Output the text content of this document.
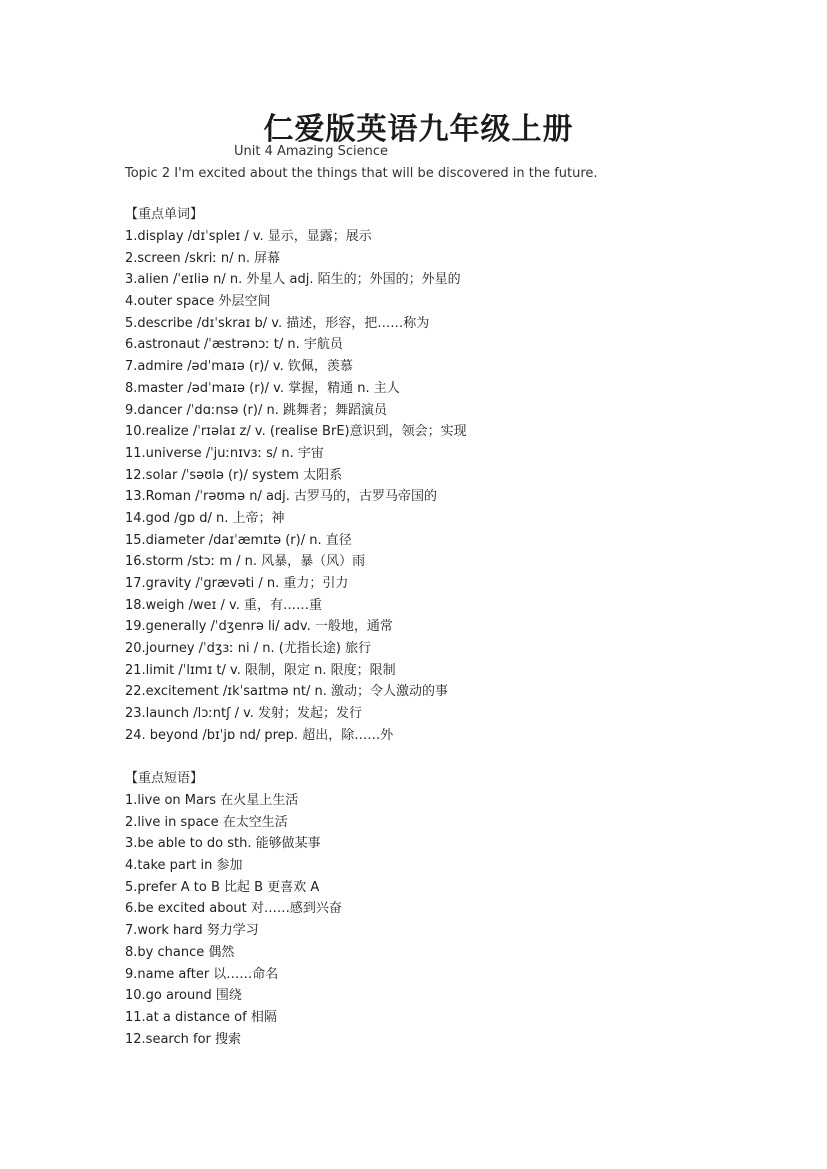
仁爱版英语九年级上册
Unit 4 Amazing Science
Topic 2 I'm excited about the things that will be discovered in the future.
【重点单词】
1.display /dɪˈspleɪ / v. 显示，显露；展示
2.screen /skriː n/ n. 屏幕
3.alien /ˈeɪliə n/ n. 外星人 adj. 陌生的；外国的；外星的
4.outer space 外层空间
5.describe /dɪˈskraɪ b/ v. 描述，形容，把……称为
6.astronaut /ˈæstrənɔː t/ n. 宇航员
7.admire /ədˈmaɪə (r)/ v. 钦佩，羡慕
8.master /ədˈmaɪə (r)/ v. 掌握，精通 n. 主人
9.dancer /ˈdɑːnsə (r)/ n. 跳舞者；舞蹈演员
10.realize /ˈrɪəlaɪ z/ v. (realise BrE)意识到，领会；实现
11.universe /ˈjuːnɪvɜː s/ n. 宇宙
12.solar /ˈsəʊlə (r)/ system 太阳系
13.Roman /ˈrəʊmə n/ adj. 古罗马的，古罗马帝国的
14.god /gɒ d/ n. 上帝；神
15.diameter /daɪˈæmɪtə (r)/ n. 直径
16.storm /stɔː m / n. 风暴，暴（风）雨
17.gravity /ˈgrævəti / n. 重力；引力
18.weigh /weɪ / v. 重，有……重
19.generally /ˈdʒenrə li/ adv. 一般地，通常
20.journey /ˈdʒɜː ni / n. (尤指长途) 旅行
21.limit /ˈlɪmɪ t/ v. 限制，限定 n. 限度；限制
22.excitement /ɪkˈsaɪtmə nt/ n. 激动；令人激动的事
23.launch /lɔːntʃ / v. 发射；发起；发行
24. beyond /bɪˈjɒ nd/ prep. 超出，除……外
【重点短语】
1.live on Mars 在火星上生活
2.live in space 在太空生活
3.be able to do sth. 能够做某事
4.take part in 参加
5.prefer A to B 比起 B 更喜欢 A
6.be excited about 对……感到兴奋
7.work hard 努力学习
8.by chance 偶然
9.name after 以……命名
10.go around 围绕
11.at a distance of 相隔
12.search for 搜索
